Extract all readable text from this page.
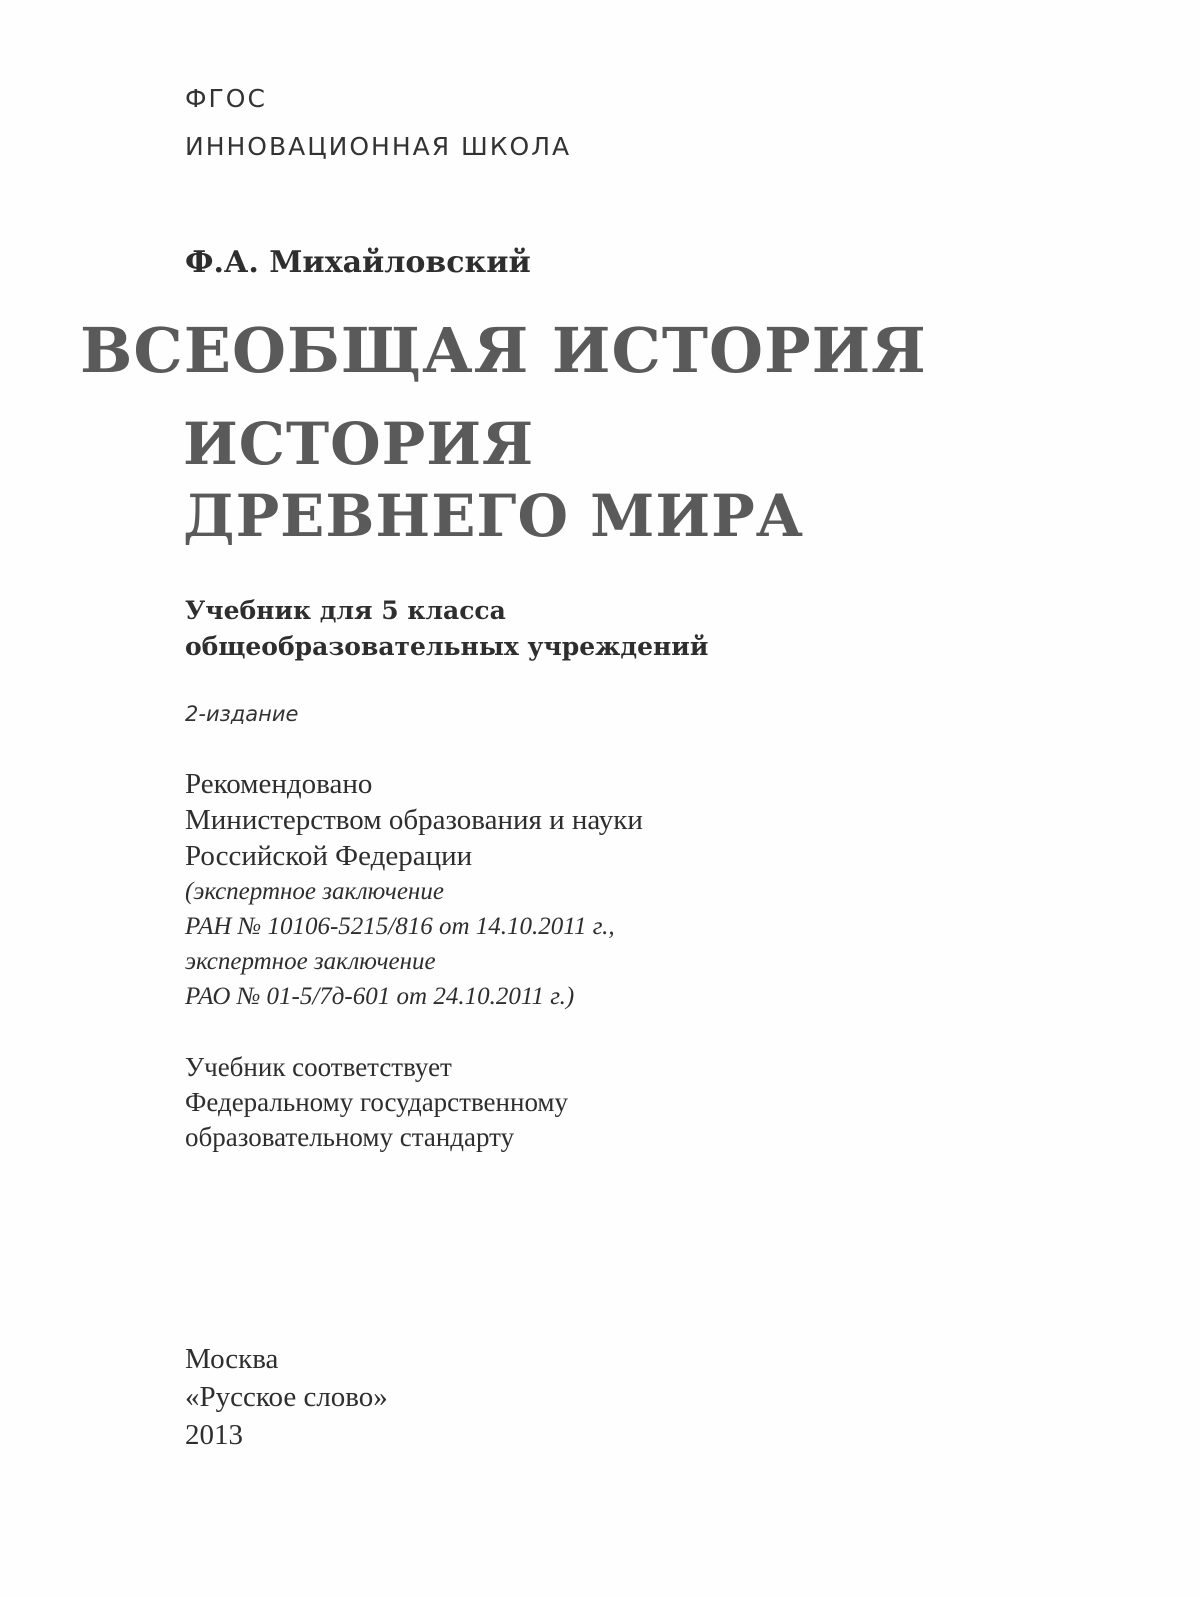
ФГОС
ИННОВАЦИОННАЯ ШКОЛА
Ф.А. Михайловский
ВСЕОБЩАЯ ИСТОРИЯ
ИСТОРИЯ
ДРЕВНЕГО МИРА
Учебник для 5 класса
общеобразовательных учреждений
2-издание
Рекомендовано
Министерством образования и науки
Российской Федерации
(экспертное заключение
РАН № 10106-5215/816 от 14.10.2011 г.,
экспертное заключение
РАО № 01-5/7д-601 от 24.10.2011 г.)
Учебник соответствует
Федеральному государственному
образовательному стандарту
Москва
«Русское слово»
2013
